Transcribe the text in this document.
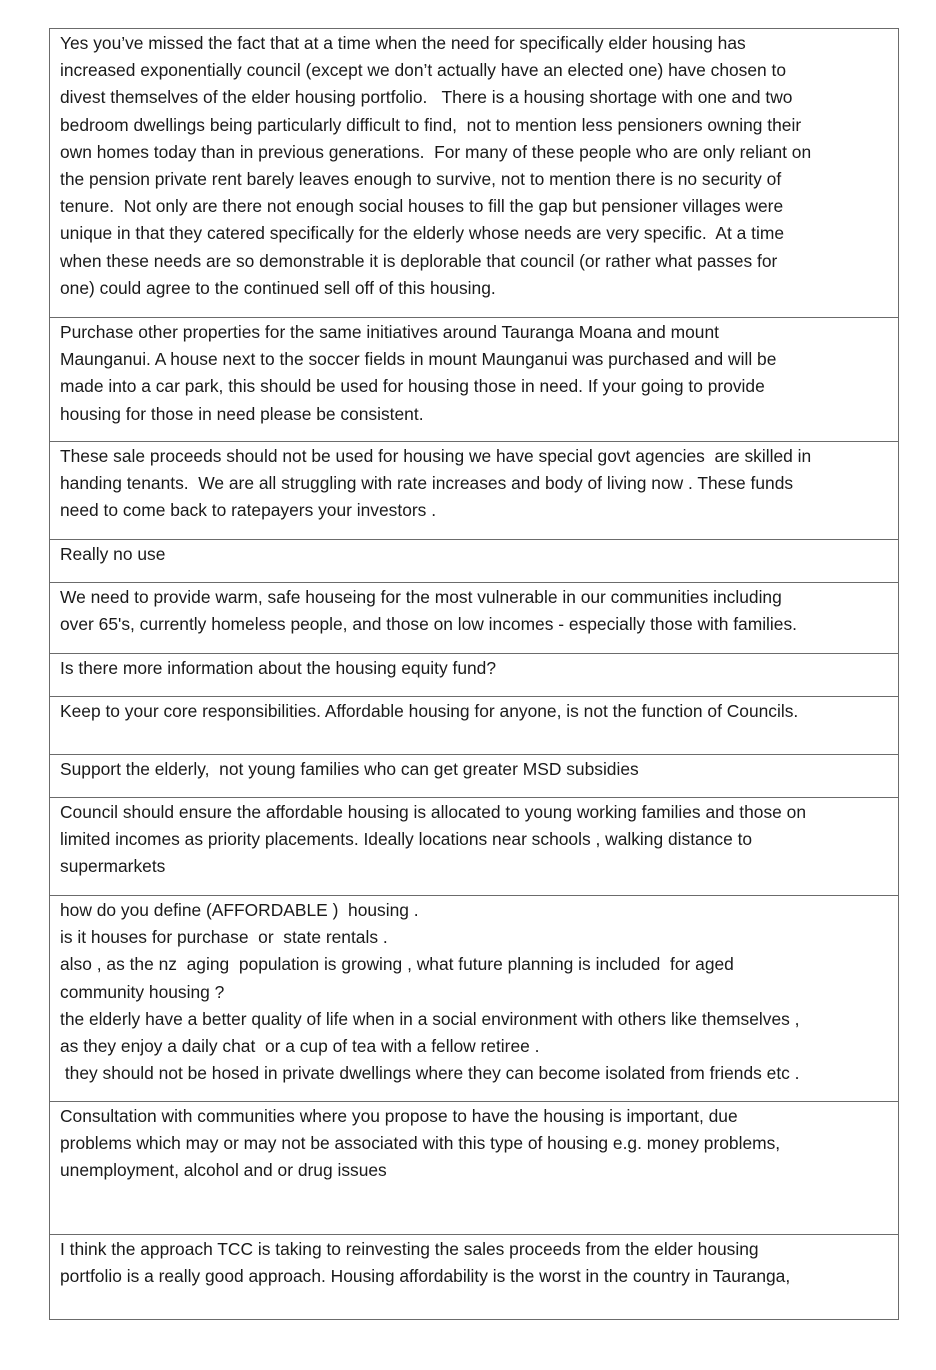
Yes you’ve missed the fact that at a time when the need for specifically elder housing has
increased exponentially council (except we don’t actually have an elected one) have chosen to
divest themselves of the elder housing portfolio.   There is a housing shortage with one and two
bedroom dwellings being particularly difficult to find,  not to mention less pensioners owning their
own homes today than in previous generations.  For many of these people who are only reliant on
the pension private rent barely leaves enough to survive, not to mention there is no security of
tenure.  Not only are there not enough social houses to fill the gap but pensioner villages were
unique in that they catered specifically for the elderly whose needs are very specific.  At a time
when these needs are so demonstrable it is deplorable that council (or rather what passes for
one) could agree to the continued sell off of this housing.
Purchase other properties for the same initiatives around Tauranga Moana and mount
Maunganui. A house next to the soccer fields in mount Maunganui was purchased and will be
made into a car park, this should be used for housing those in need. If your going to provide
housing for those in need please be consistent.
These sale proceeds should not be used for housing we have special govt agencies  are skilled in
handing tenants.  We are all struggling with rate increases and body of living now . These funds
need to come back to ratepayers your investors .
Really no use
We need to provide warm, safe houseing for the most vulnerable in our communities including
over 65's, currently homeless people, and those on low incomes - especially those with families.
Is there more information about the housing equity fund?
Keep to your core responsibilities. Affordable housing for anyone, is not the function of Councils.
Support the elderly,  not young families who can get greater MSD subsidies
Council should ensure the affordable housing is allocated to young working families and those on
limited incomes as priority placements. Ideally locations near schools , walking distance to
supermarkets
how do you define (AFFORDABLE )  housing .
is it houses for purchase  or  state rentals .
also , as the nz  aging  population is growing , what future planning is included  for aged
community housing ?
the elderly have a better quality of life when in a social environment with others like themselves ,
as they enjoy a daily chat  or a cup of tea with a fellow retiree .
they should not be hosed in private dwellings where they can become isolated from friends etc .
Consultation with communities where you propose to have the housing is important, due
problems which may or may not be associated with this type of housing e.g. money problems,
unemployment, alcohol and or drug issues
I think the approach TCC is taking to reinvesting the sales proceeds from the elder housing
portfolio is a really good approach. Housing affordability is the worst in the country in Tauranga,
